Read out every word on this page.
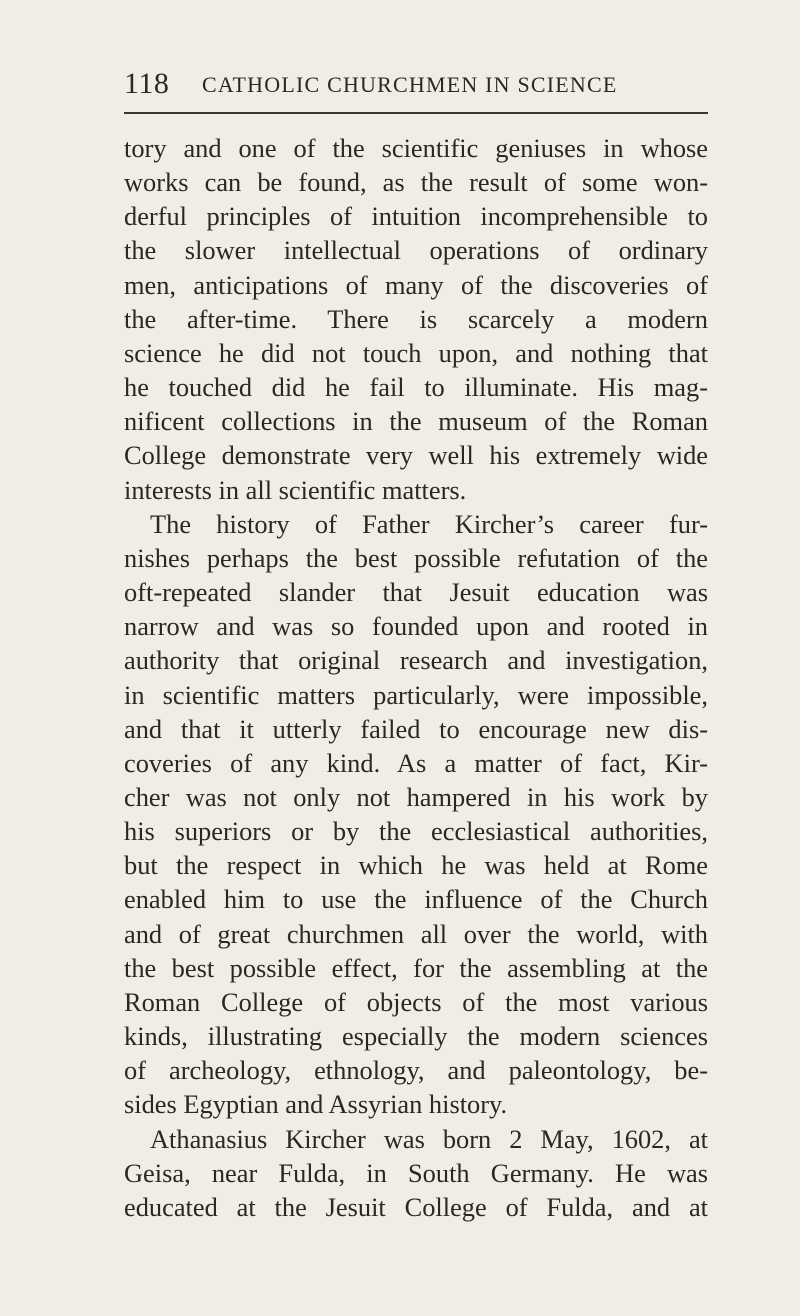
118 CATHOLIC CHURCHMEN IN SCIENCE
tory and one of the scientific geniuses in whose
works can be found, as the result of some won-
derful principles of intuition incomprehensible to
the slower intellectual operations of ordinary
men, anticipations of many of the discoveries of
the after-time. There is scarcely a modern
science he did not touch upon, and nothing that
he touched did he fail to illuminate. His mag-
nificent collections in the museum of the Roman
College demonstrate very well his extremely wide
interests in all scientific matters.
The history of Father Kircher’s career fur-
nishes perhaps the best possible refutation of the
oft-repeated slander that Jesuit education was
narrow and was so founded upon and rooted in
authority that original research and investigation,
in scientific matters particularly, were impossible,
and that it utterly failed to encourage new dis-
coveries of any kind. As a matter of fact, Kir-
cher was not only not hampered in his work by
his superiors or by the ecclesiastical authorities,
but the respect in which he was held at Rome
enabled him to use the influence of the Church
and of great churchmen all over the world, with
the best possible effect, for the assembling at the
Roman College of objects of the most various
kinds, illustrating especially the modern sciences
of archeology, ethnology, and paleontology, be-
sides Egyptian and Assyrian history.
Athanasius Kircher was born 2 May, 1602, at
Geisa, near Fulda, in South Germany. He was
educated at the Jesuit College of Fulda, and at
